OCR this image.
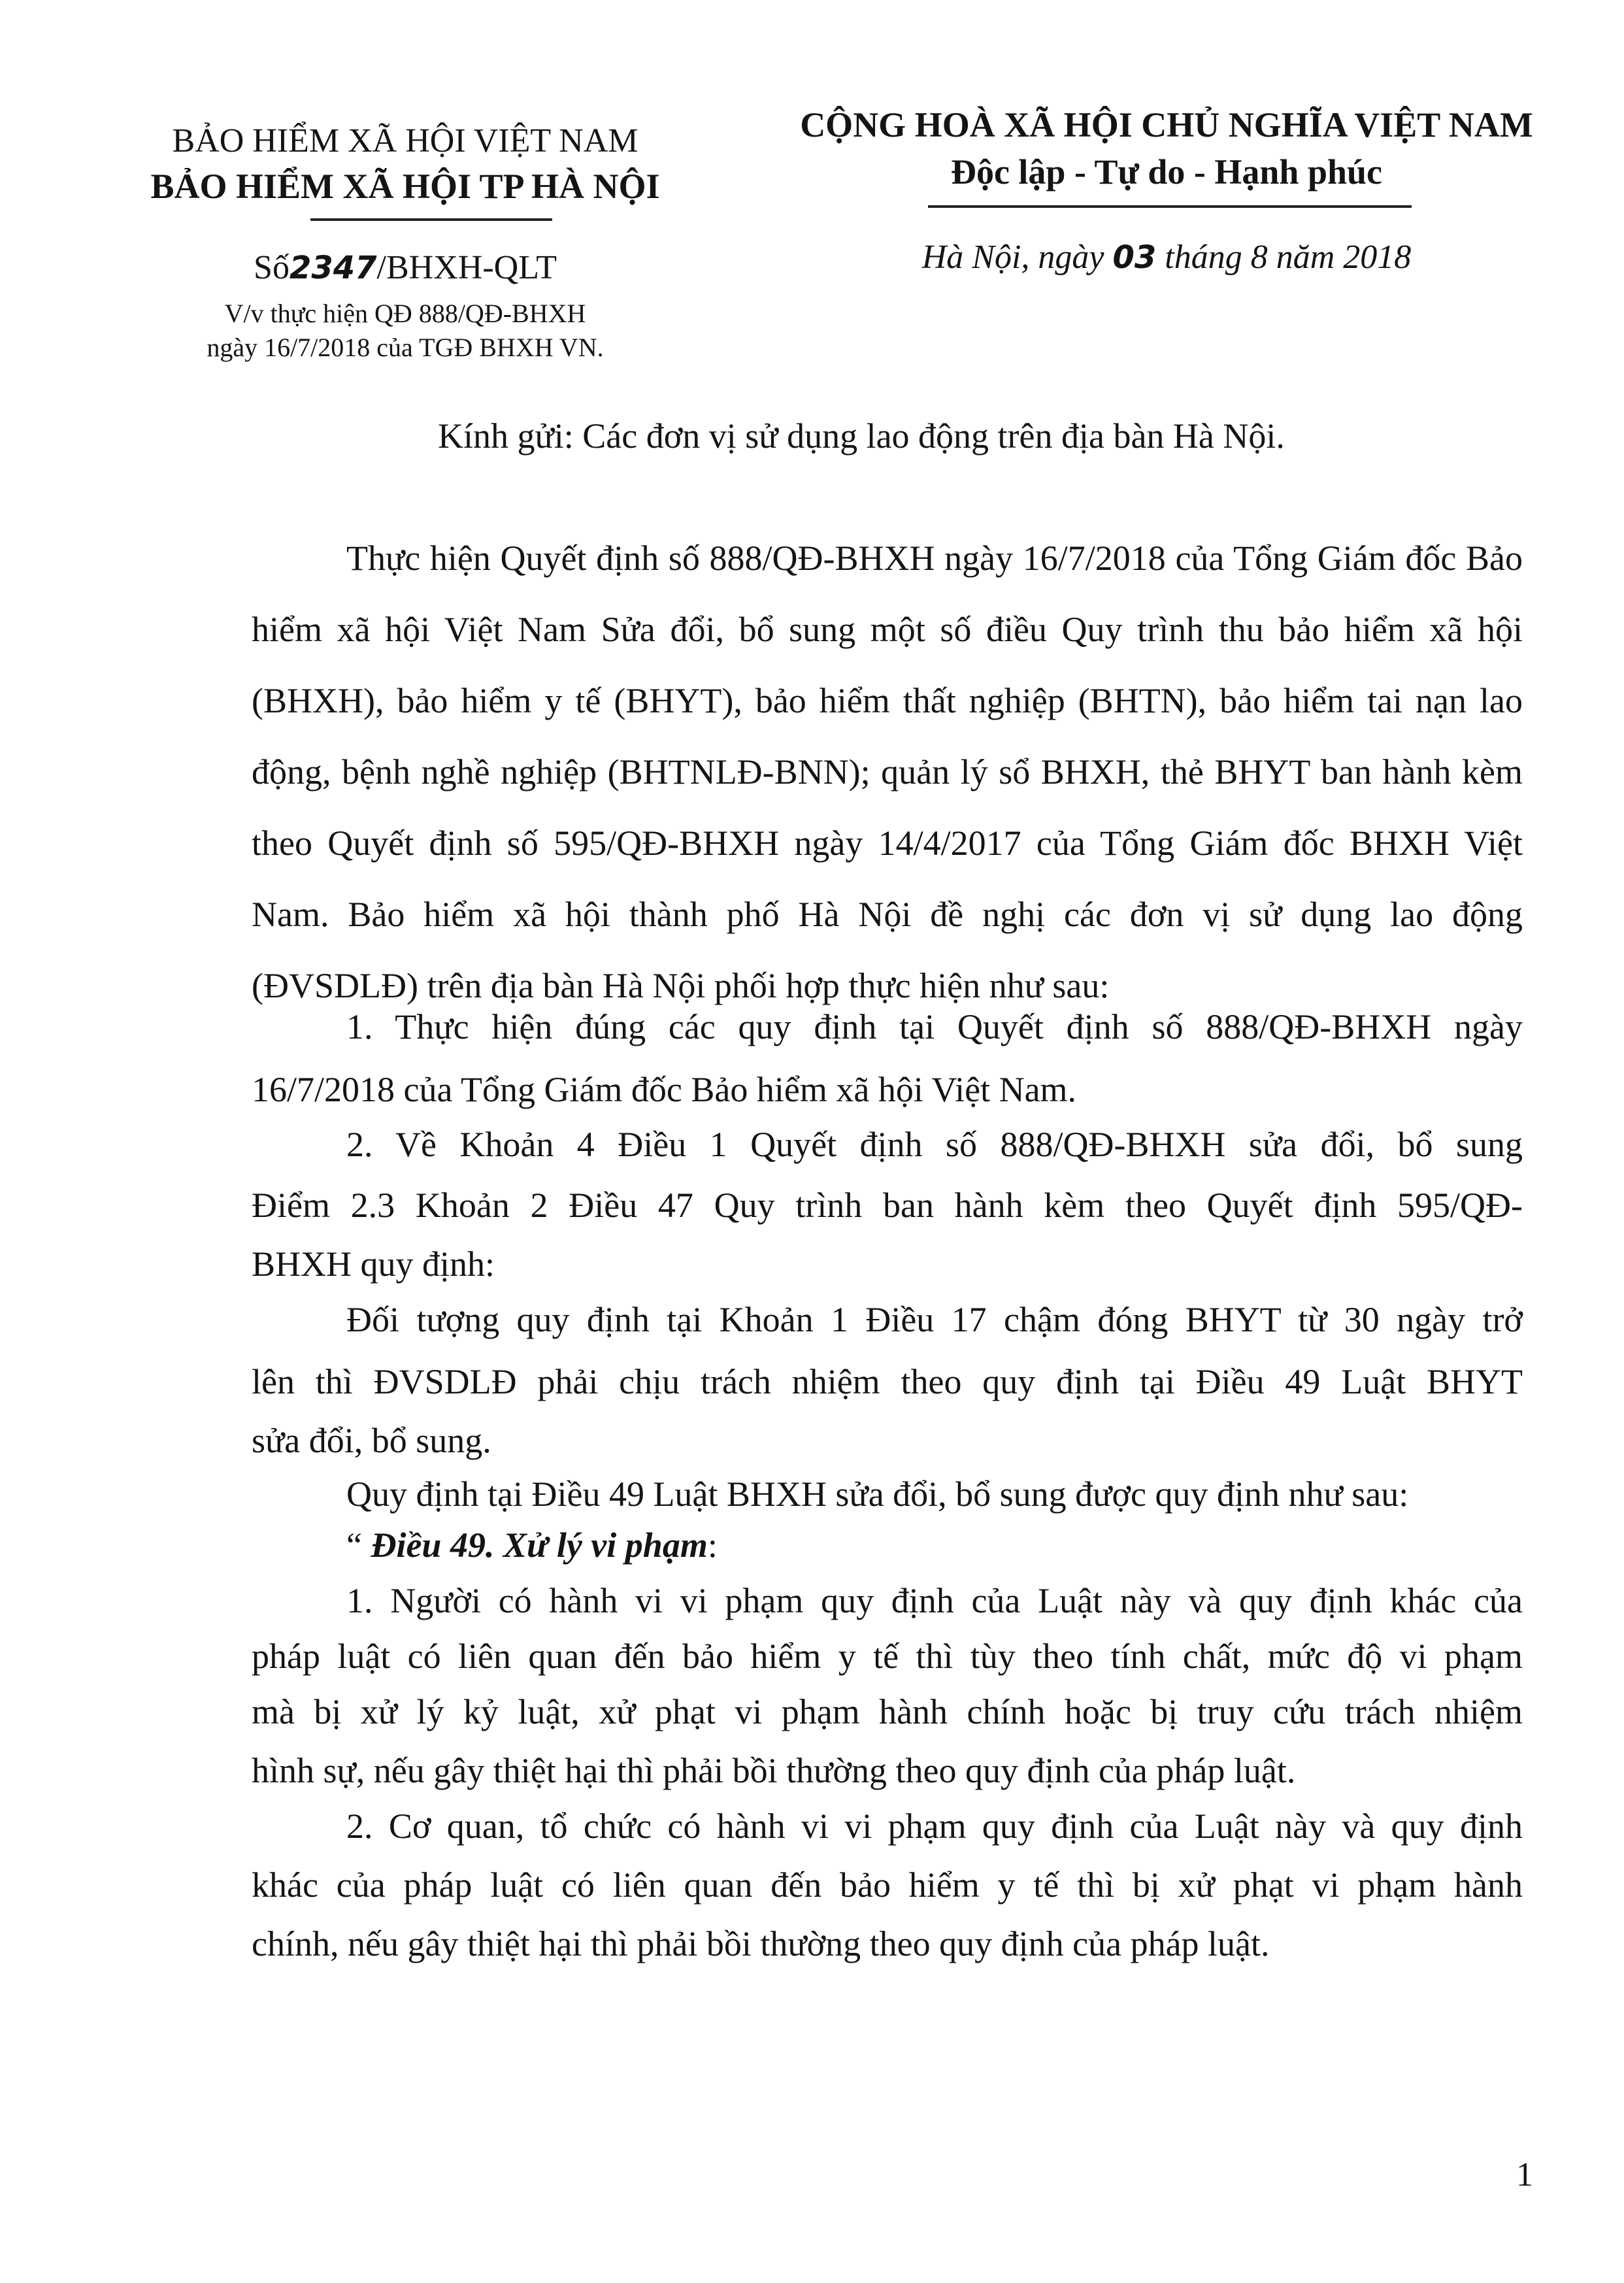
BẢO HIỂM XÃ HỘI VIỆT NAM
BẢO HIỂM XÃ HỘI TP HÀ NỘI
Số2347/BHXH-QLT
V/v thực hiện QĐ 888/QĐ-BHXH
ngày 16/7/2018 của TGĐ BHXH VN.
CỘNG HOÀ XÃ HỘI CHỦ NGHĨA VIỆT NAM
Độc lập - Tự do - Hạnh phúc
Hà Nội, ngày 03 tháng 8 năm 2018
Kính gửi: Các đơn vị sử dụng lao động trên địa bàn Hà Nội.

Thực hiện Quyết định số 888/QĐ-BHXH ngày 16/7/2018 của Tổng Giám đốc Bảo hiểm xã hội Việt Nam Sửa đổi, bổ sung một số điều Quy trình thu bảo hiểm xã hội (BHXH), bảo hiểm y tế (BHYT), bảo hiểm thất nghiệp (BHTN), bảo hiểm tai nạn lao động, bệnh nghề nghiệp (BHTNLĐ-BNN); quản lý sổ BHXH, thẻ BHYT ban hành kèm theo Quyết định số 595/QĐ-BHXH ngày 14/4/2017 của Tổng Giám đốc BHXH Việt Nam. Bảo hiểm xã hội thành phố Hà Nội đề nghị các đơn vị sử dụng lao động (ĐVSDLĐ) trên địa bàn Hà Nội phối hợp thực hiện như sau:

1. Thực hiện đúng các quy định tại Quyết định số 888/QĐ-BHXH ngày
16/7/2018 của Tổng Giám đốc Bảo hiểm xã hội Việt Nam.
2. Về Khoản 4 Điều 1 Quyết định số 888/QĐ-BHXH sửa đổi, bổ sung
Điểm 2.3 Khoản 2 Điều 47 Quy trình ban hành kèm theo Quyết định 595/QĐ-
BHXH quy định:
Đối tượng quy định tại Khoản 1 Điều 17 chậm đóng BHYT từ 30 ngày trở
lên thì ĐVSDLĐ phải chịu trách nhiệm theo quy định tại Điều 49 Luật BHYT
sửa đổi, bổ sung.
Quy định tại Điều 49 Luật BHXH sửa đổi, bổ sung được quy định như sau:
“ Điều 49. Xử lý vi phạm:
1. Người có hành vi vi phạm quy định của Luật này và quy định khác của
pháp luật có liên quan đến bảo hiểm y tế thì tùy theo tính chất, mức độ vi phạm
mà bị xử lý kỷ luật, xử phạt vi phạm hành chính hoặc bị truy cứu trách nhiệm
hình sự, nếu gây thiệt hại thì phải bồi thường theo quy định của pháp luật.
2. Cơ quan, tổ chức có hành vi vi phạm quy định của Luật này và quy định
khác của pháp luật có liên quan đến bảo hiểm y tế thì bị xử phạt vi phạm hành
chính, nếu gây thiệt hại thì phải bồi thường theo quy định của pháp luật.
1
